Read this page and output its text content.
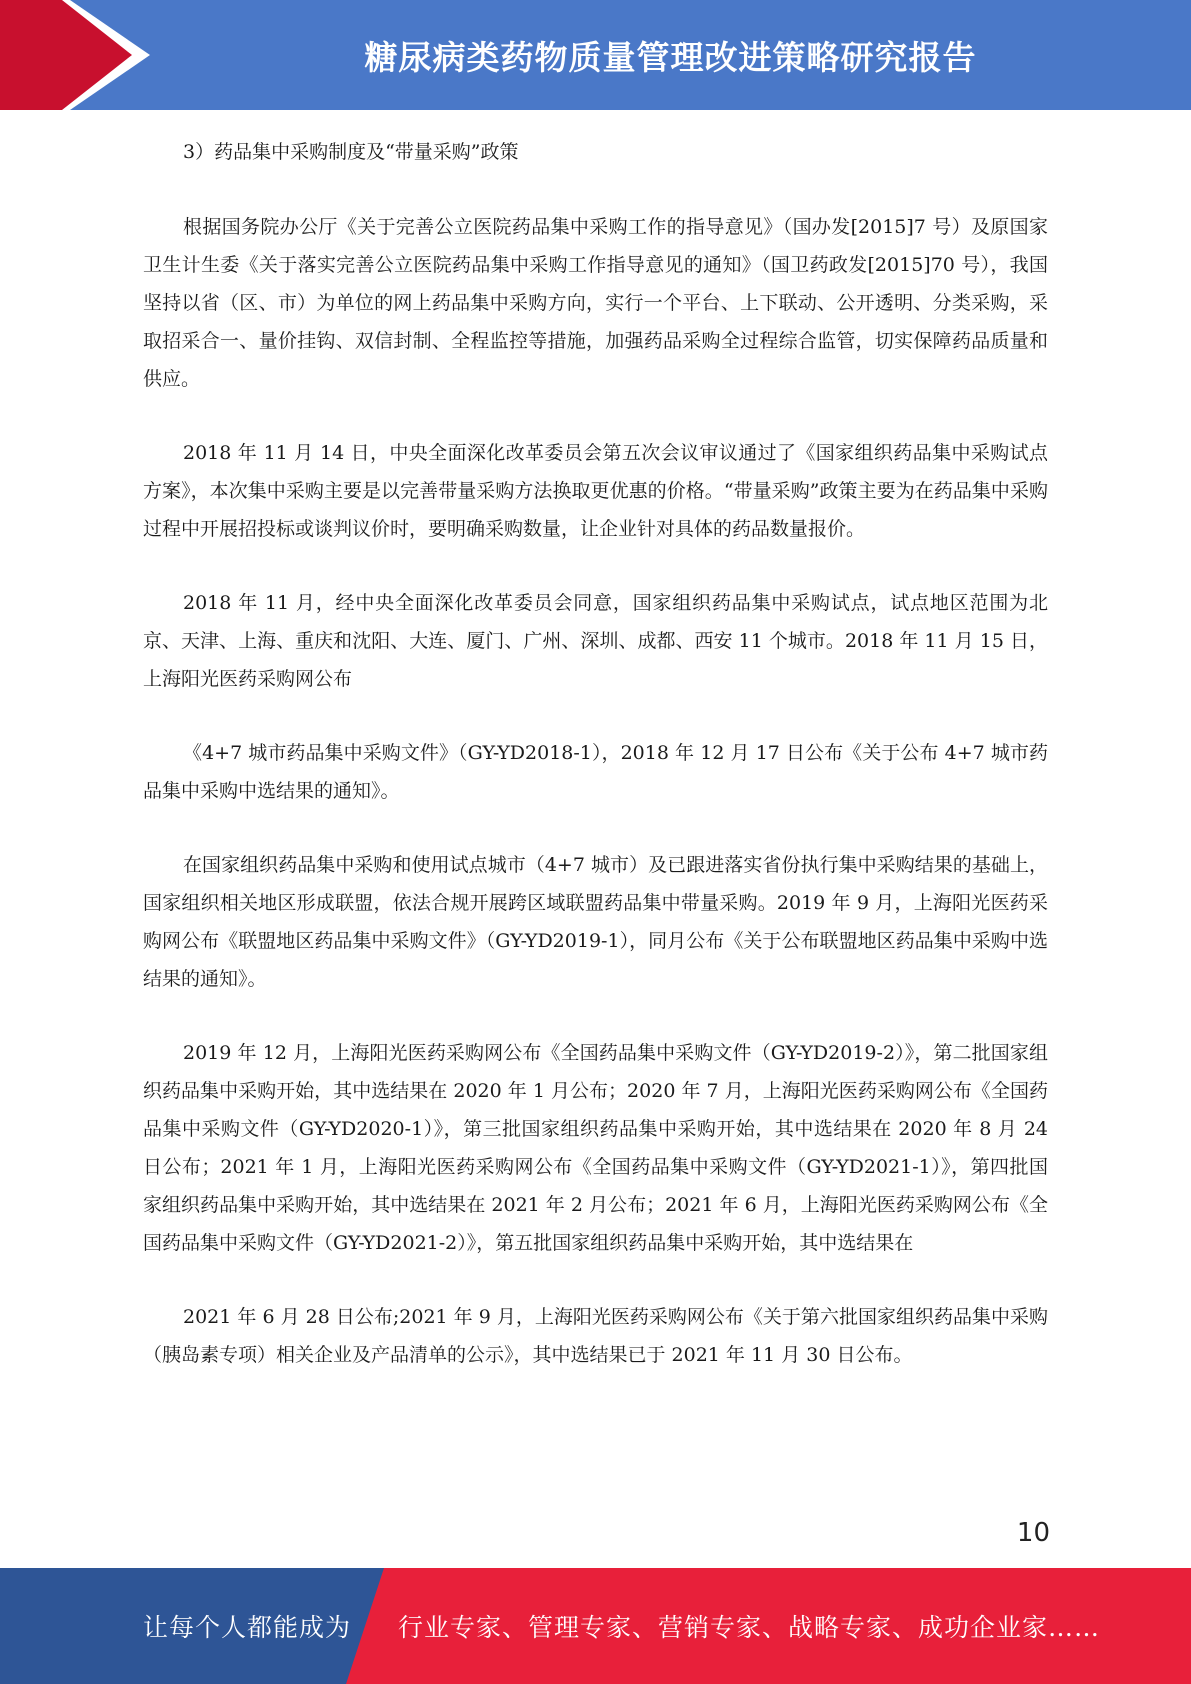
糖尿病类药物质量管理改进策略研究报告

3）药品集中采购制度及“带量采购”政策

根据国务院办公厅《关于完善公立医院药品集中采购工作的指导意见》（国办发[2015]7 号）及原国家卫生计生委《关于落实完善公立医院药品集中采购工作指导意见的通知》（国卫药政发[2015]70 号），我国坚持以省（区、市）为单位的网上药品集中采购方向，实行一个平台、上下联动、公开透明、分类采购，采取招采合一、量价挂钩、双信封制、全程监控等措施，加强药品采购全过程综合监管，切实保障药品质量和供应。

2018 年 11 月 14 日，中央全面深化改革委员会第五次会议审议通过了《国家组织药品集中采购试点方案》，本次集中采购主要是以完善带量采购方法换取更优惠的价格。“带量采购”政策主要为在药品集中采购过程中开展招投标或谈判议价时，要明确采购数量，让企业针对具体的药品数量报价。

2018 年 11 月，经中央全面深化改革委员会同意，国家组织药品集中采购试点，试点地区范围为北京、天津、上海、重庆和沈阳、大连、厦门、广州、深圳、成都、西安 11 个城市。2018 年 11 月 15 日，上海阳光医药采购网公布

《4+7 城市药品集中采购文件》（GY-YD2018-1），2018 年 12 月 17 日公布《关于公布 4+7 城市药品集中采购中选结果的通知》。

在国家组织药品集中采购和使用试点城市（4+7 城市）及已跟进落实省份执行集中采购结果的基础上，国家组织相关地区形成联盟，依法合规开展跨区域联盟药品集中带量采购。2019 年 9 月，上海阳光医药采购网公布《联盟地区药品集中采购文件》（GY-YD2019-1），同月公布《关于公布联盟地区药品集中采购中选结果的通知》。

2019 年 12 月，上海阳光医药采购网公布《全国药品集中采购文件（GY-YD2019-2）》，第二批国家组织药品集中采购开始，其中选结果在 2020 年 1 月公布；2020 年 7 月，上海阳光医药采购网公布《全国药品集中采购文件（GY-YD2020-1）》，第三批国家组织药品集中采购开始，其中选结果在 2020 年 8 月 24 日公布；2021 年 1 月，上海阳光医药采购网公布《全国药品集中采购文件（GY-YD2021-1）》，第四批国家组织药品集中采购开始，其中选结果在 2021 年 2 月公布；2021 年 6 月，上海阳光医药采购网公布《全国药品集中采购文件（GY-YD2021-2）》，第五批国家组织药品集中采购开始，其中选结果在

2021 年 6 月 28 日公布;2021 年 9 月，上海阳光医药采购网公布《关于第六批国家组织药品集中采购（胰岛素专项）相关企业及产品清单的公示》，其中选结果已于 2021 年 11 月 30 日公布。

10
让每个人都能成为 行业专家、管理专家、营销专家、战略专家、成功企业家……
